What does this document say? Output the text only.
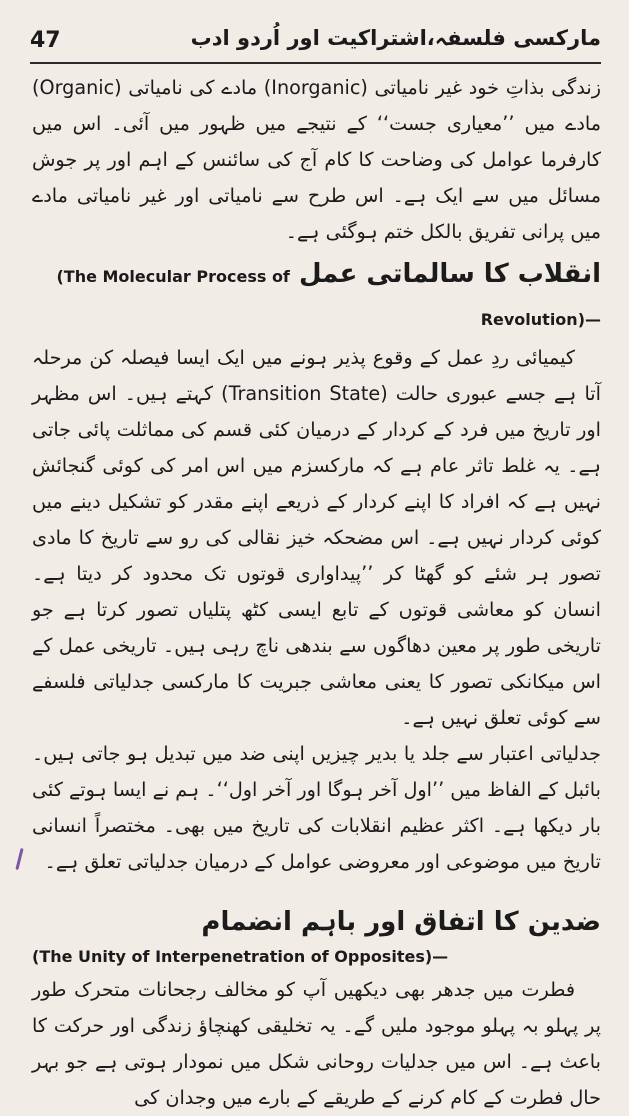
47	مارکسی فلسفہ،اشتراکیت اور اُردو ادب

زندگی بذاتِ خود غیر نامیاتی (Inorganic) مادے کی نامیاتی (Organic) مادے میں ’’معیاری جست‘‘ کے نتیجے میں ظہور میں آئی۔ اس میں کارفرما عوامل کی وضاحت کا کام آج کی سائنس کے اہم اور پر جوش مسائل میں سے ایک ہے۔ اس طرح سے نامیاتی اور غیر نامیاتی مادے میں پرانی تفریق بالکل ختم ہوگئی ہے۔

انقلاب کا سالماتی عمل (The Molecular Process of Revolution)—

کیمیائی ردِ عمل کے وقوع پذیر ہونے میں ایک ایسا فیصلہ کن مرحلہ آتا ہے جسے عبوری حالت (Transition State) کہتے ہیں۔ اس مظہر اور تاریخ میں فرد کے کردار کے درمیان کئی قسم کی مماثلت پائی جاتی ہے۔ یہ غلط تاثر عام ہے کہ مارکسزم میں اس امر کی کوئی گنجائش نہیں ہے کہ افراد کا اپنے کردار کے ذریعے اپنے مقدر کو تشکیل دینے میں کوئی کردار نہیں ہے۔ اس مضحکہ خیز نقالی کی رو سے تاریخ کا مادی تصور ہر شئے کو گھٹا کر ’’پیداواری قوتوں تک محدود کر دیتا ہے۔ انسان کو معاشی قوتوں کے تابع ایسی کٹھ پتلیاں تصور کرتا ہے جو تاریخی طور پر معین دھاگوں سے بندھی ناچ رہی ہیں۔ تاریخی عمل کے اس میکانکی تصور کا یعنی معاشی جبریت کا مارکسی جدلیاتی فلسفے سے کوئی تعلق نہیں ہے۔

جدلیاتی اعتبار سے جلد یا بدیر چیزیں اپنی ضد میں تبدیل ہو جاتی ہیں۔ بائبل کے الفاظ میں ’’اول آخر ہوگا اور آخر اول‘‘۔ ہم نے ایسا ہوتے کئی بار دیکھا ہے۔ اکثر عظیم انقلابات کی تاریخ میں بھی۔ مختصراً انسانی تاریخ میں موضوعی اور معروضی عوامل کے درمیان جدلیاتی تعلق ہے۔

ضدین کا اتفاق اور باہم انضمام

(The Unity of Interpenetration of Opposites)—

فطرت میں جدھر بھی دیکھیں آپ کو مخالف رجحانات متحرک طور پر پہلو بہ پہلو موجود ملیں گے۔ یہ تخلیقی کھنچاؤ زندگی اور حرکت کا باعث ہے۔ اس میں جدلیات روحانی شکل میں نمودار ہوتی ہے جو بہر حال فطرت کے کام کرنے کے طریقے کے بارے میں وجدان کی
